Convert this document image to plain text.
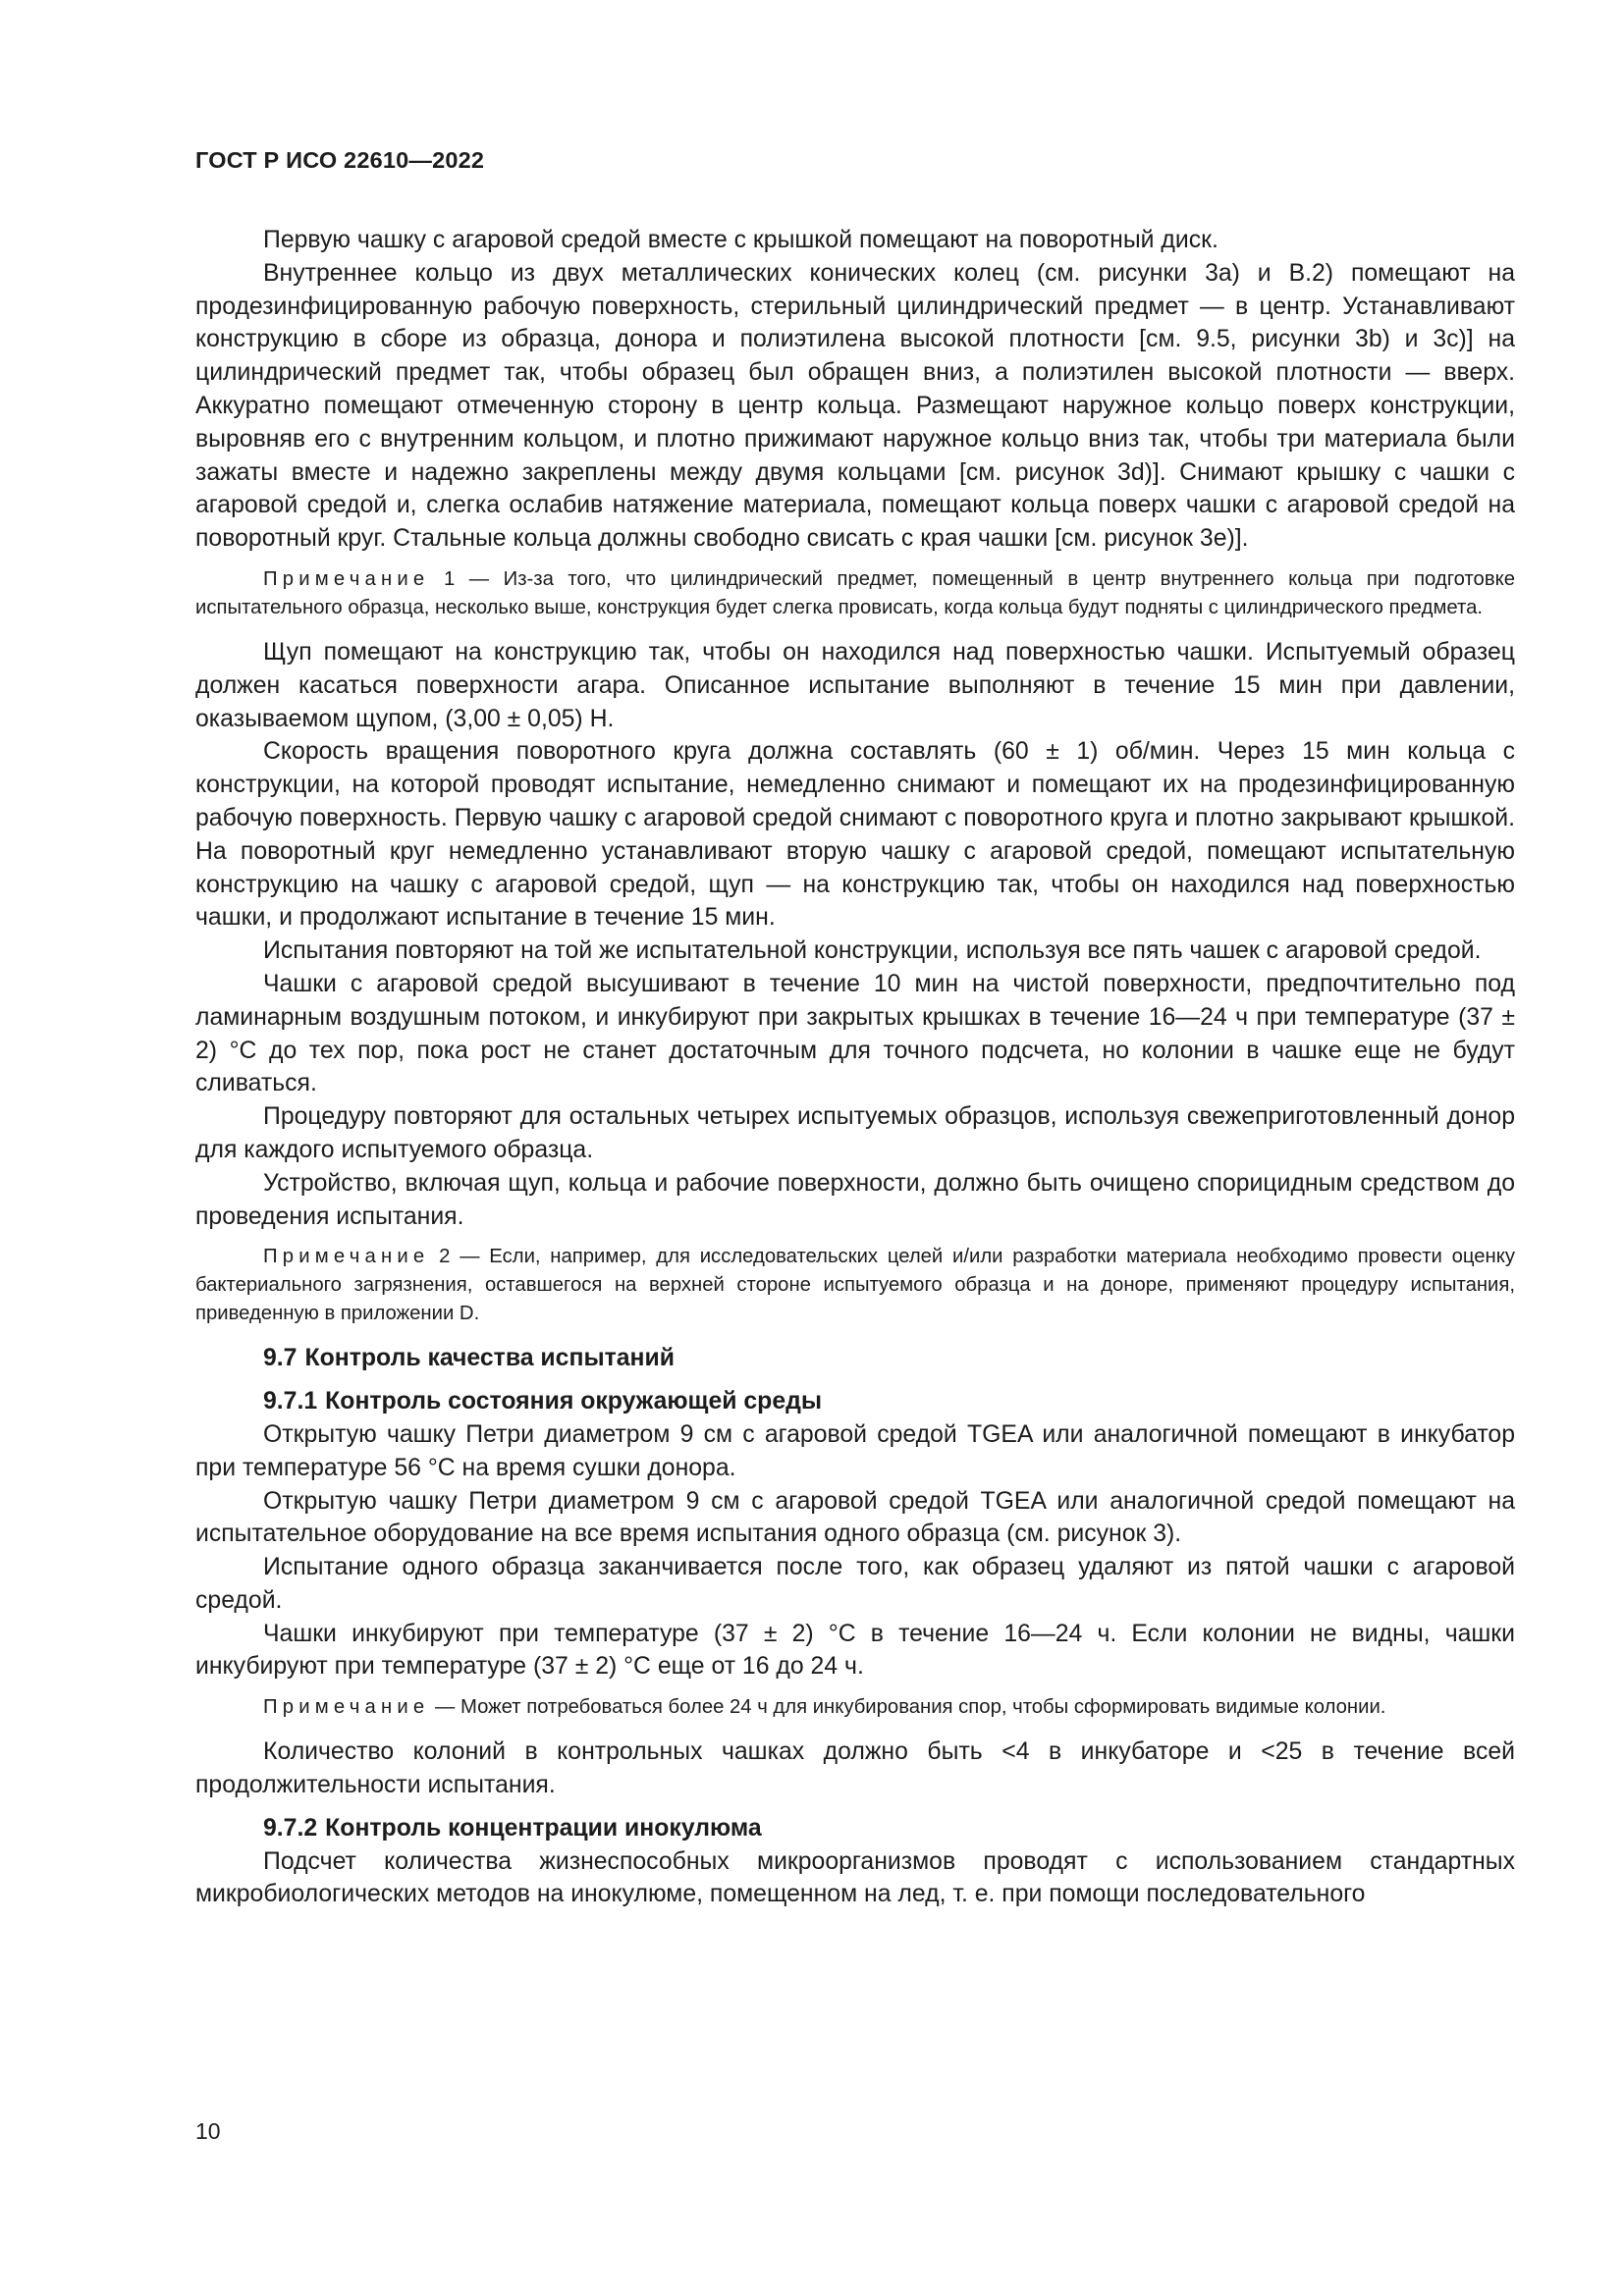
ГОСТ Р ИСО 22610—2022

Первую чашку с агаровой средой вместе с крышкой помещают на поворотный диск.

Внутреннее кольцо из двух металлических конических колец (см. рисунки 3a) и B.2) помещают на продезинфицированную рабочую поверхность, стерильный цилиндрический предмет — в центр. Устанавливают конструкцию в сборе из образца, донора и полиэтилена высокой плотности [см. 9.5, рисунки 3b) и 3c)] на цилиндрический предмет так, чтобы образец был обращен вниз, а полиэтилен высокой плотности — вверх. Аккуратно помещают отмеченную сторону в центр кольца. Размещают наружное кольцо поверх конструкции, выровняв его с внутренним кольцом, и плотно прижимают наружное кольцо вниз так, чтобы три материала были зажаты вместе и надежно закреплены между двумя кольцами [см. рисунок 3d)]. Снимают крышку с чашки с агаровой средой и, слегка ослабив натяжение материала, помещают кольца поверх чашки с агаровой средой на поворотный круг. Стальные кольца должны свободно свисать с края чашки [см. рисунок 3e)].

Примечание 1 — Из-за того, что цилиндрический предмет, помещенный в центр внутреннего кольца при подготовке испытательного образца, несколько выше, конструкция будет слегка провисать, когда кольца будут подняты с цилиндрического предмета.

Щуп помещают на конструкцию так, чтобы он находился над поверхностью чашки. Испытуемый образец должен касаться поверхности агара. Описанное испытание выполняют в течение 15 мин при давлении, оказываемом щупом, (3,00 ± 0,05) Н.

Скорость вращения поворотного круга должна составлять (60 ± 1) об/мин. Через 15 мин кольца с конструкции, на которой проводят испытание, немедленно снимают и помещают их на продезинфицированную рабочую поверхность. Первую чашку с агаровой средой снимают с поворотного круга и плотно закрывают крышкой. На поворотный круг немедленно устанавливают вторую чашку с агаровой средой, помещают испытательную конструкцию на чашку с агаровой средой, щуп — на конструкцию так, чтобы он находился над поверхностью чашки, и продолжают испытание в течение 15 мин.

Испытания повторяют на той же испытательной конструкции, используя все пять чашек с агаровой средой.

Чашки с агаровой средой высушивают в течение 10 мин на чистой поверхности, предпочтительно под ламинарным воздушным потоком, и инкубируют при закрытых крышках в течение 16—24 ч при температуре (37 ± 2) °C до тех пор, пока рост не станет достаточным для точного подсчета, но колонии в чашке еще не будут сливаться.

Процедуру повторяют для остальных четырех испытуемых образцов, используя свежеприготовленный донор для каждого испытуемого образца.

Устройство, включая щуп, кольца и рабочие поверхности, должно быть очищено спорицидным средством до проведения испытания.

Примечание 2 — Если, например, для исследовательских целей и/или разработки материала необходимо провести оценку бактериального загрязнения, оставшегося на верхней стороне испытуемого образца и на доноре, применяют процедуру испытания, приведенную в приложении D.

9.7 Контроль качества испытаний
9.7.1 Контроль состояния окружающей среды

Открытую чашку Петри диаметром 9 см с агаровой средой TGEA или аналогичной помещают в инкубатор при температуре 56 °C на время сушки донора.

Открытую чашку Петри диаметром 9 см с агаровой средой TGEA или аналогичной средой помещают на испытательное оборудование на все время испытания одного образца (см. рисунок 3).

Испытание одного образца заканчивается после того, как образец удаляют из пятой чашки с агаровой средой.

Чашки инкубируют при температуре (37 ± 2) °C в течение 16—24 ч. Если колонии не видны, чашки инкубируют при температуре (37 ± 2) °C еще от 16 до 24 ч.

Примечание — Может потребоваться более 24 ч для инкубирования спор, чтобы сформировать видимые колонии.

Количество колоний в контрольных чашках должно быть <4 в инкубаторе и <25 в течение всей продолжительности испытания.

9.7.2 Контроль концентрации инокулюма

Подсчет количества жизнеспособных микроорганизмов проводят с использованием стандартных микробиологических методов на инокулюме, помещенном на лед, т. е. при помощи последовательного

10
